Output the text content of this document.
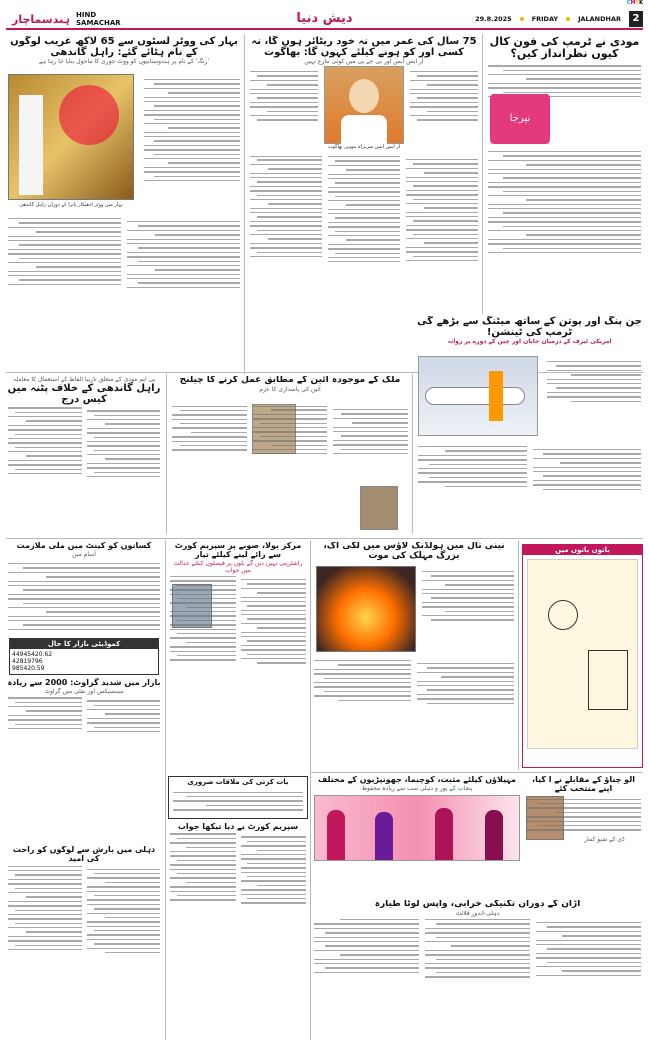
ہندسماچار HIND SAMACHAR	دیش دنیا	29.8.2025	FRIDAY	JALANDHAR	2
CMYK
مودی نے ٹرمپ کی فون کال کیوں نظرانداز کیں؟
نیرجا
75 سال کی عمر میں نہ خود ریٹائر ہوں گا، نہ کسی اور کو ہونے کیلئے کہوں گا: بھاگوت
آر ایس ایس اور بی جے پی میں کوئی تنازع نہیں
آر ایس ایس سربراہ موہن بھاگوت
بہار کی ووٹر لسٹوں سے 65 لاکھ غریب لوگوں کے نام ہٹائے گئے: راہل گاندھی
'رنگ' کے نام پر ہندوستانیوں کو ووٹ چوری کا ماحول بنایا جا رہا ہے
بہار میں ووٹر ادھیکار یاترا کے دوران راہل گاندھی
جن پنگ اور پوتن کے ساتھ میٹنگ سے بڑھے گی ٹرمپ کی ٹینشن!
امریکی ٹیرف کے درمیان جاپان اور چین کے دورے پر روانہ
ملک کے موجودہ آئین کے مطابق عمل کرنے کا چیلنج
آئین کی پاسداری کا عزم
پی ایم مودی کے متعلق نازیبا الفاظ کے استعمال کا معاملہ
راہل گاندھی کے خلاف پٹنہ میں کیس درج
مرکز بولا، صوبے پر سپریم کورٹ سے رائے لینے کیلئے تیار
راشٹرپتی نہیں دیں گے بلوں پر فیصلوں کیلئے عدالت میں جواب
نینی تال میں ہولڈنگ لاؤس میں لگی آگ، بزرگ مہلک کی موت
باتوں باتوں میں
کسانوں کو کینٹ میں ملی ملازمت
آسام میں
کموڈیٹی بازار کا حال
44945420.62
42819796
985420.59
بازار میں شدید گراوٹ: 2000 سے زیادہ
سینسیکس اور نفٹی میں گراوٹ
دہلی میں بارش سے لوگوں کو راحت کی امید
بات کرتی کی ملاقات ضروری
سپریم کورٹ نے دیا تیکھا جواب
مہیلاؤں کیلئے مثبت، کوچیما، جھونپڑیوں کے مختلف
پنجاب کے پور و دہلی سب سے زیادہ محفوظ
آلو چناؤ کے مقابلے نے آ گیا، اپنے منتخب کئے
ڈی کے شیو کمار
اڑان کے دوران تکنیکی خرابی، واپس لوٹا طیارہ
دہلی-اندور فلائٹ
